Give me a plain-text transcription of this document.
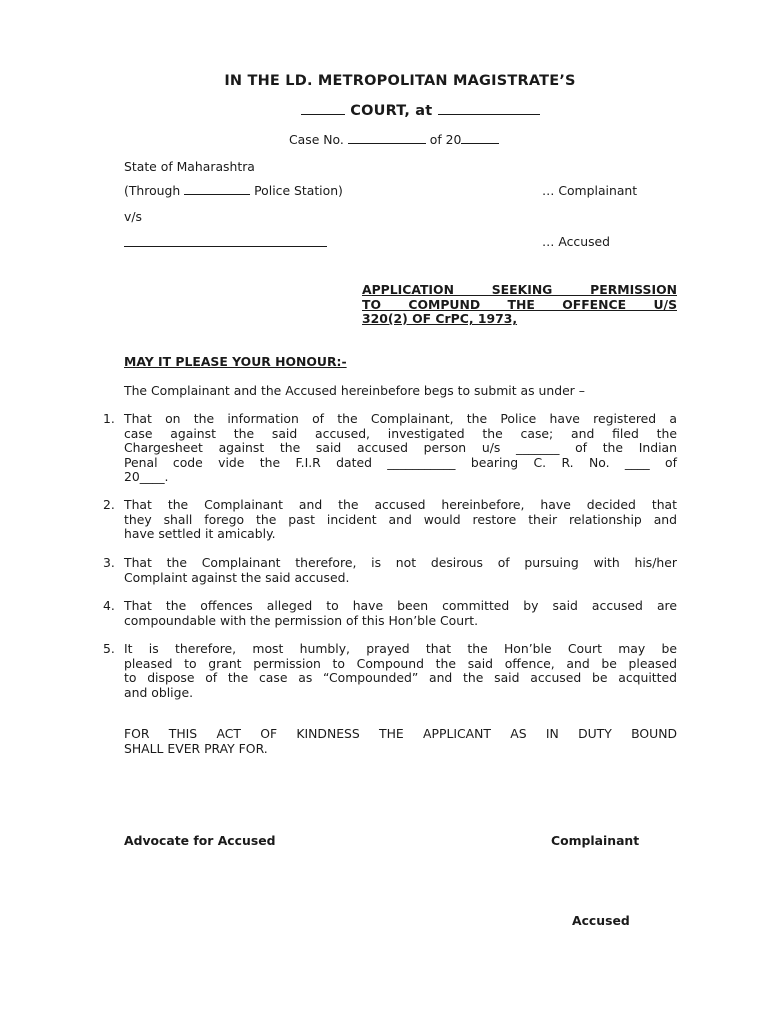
IN THE LD. METROPOLITAN MAGISTRATE’S
COURT, at
Case No.	of 20
State of Maharashtra
(Through	Police Station)	… Complainant
v/s
… Accused
APPLICATION SEEKING PERMISSION
TO COMPUND THE OFFENCE U/S
320(2) OF CrPC, 1973,
MAY IT PLEASE YOUR HONOUR:-
The Complainant and the Accused hereinbefore begs to submit as under –
1. That on the information of the Complainant, the Police have registered a
case against the said accused, investigated the case; and filed the
Chargesheet against the said accused person u/s _______ of the Indian
Penal code vide the F.I.R dated ___________ bearing C. R. No. ____ of
20____.
2. That the Complainant and the accused hereinbefore, have decided that
they shall forego the past incident and would restore their relationship and
have settled it amicably.
3. That the Complainant therefore, is not desirous of pursuing with his/her
Complaint against the said accused.
4. That the offences alleged to have been committed by said accused are
compoundable with the permission of this Hon’ble Court.
5. It is therefore, most humbly, prayed that the Hon’ble Court may be
pleased to grant permission to Compound the said offence, and be pleased
to dispose of the case as “Compounded” and the said accused be acquitted
and oblige.
FOR THIS ACT OF KINDNESS THE APPLICANT AS IN DUTY BOUND
SHALL EVER PRAY FOR.
Advocate for Accused	Complainant
Accused
